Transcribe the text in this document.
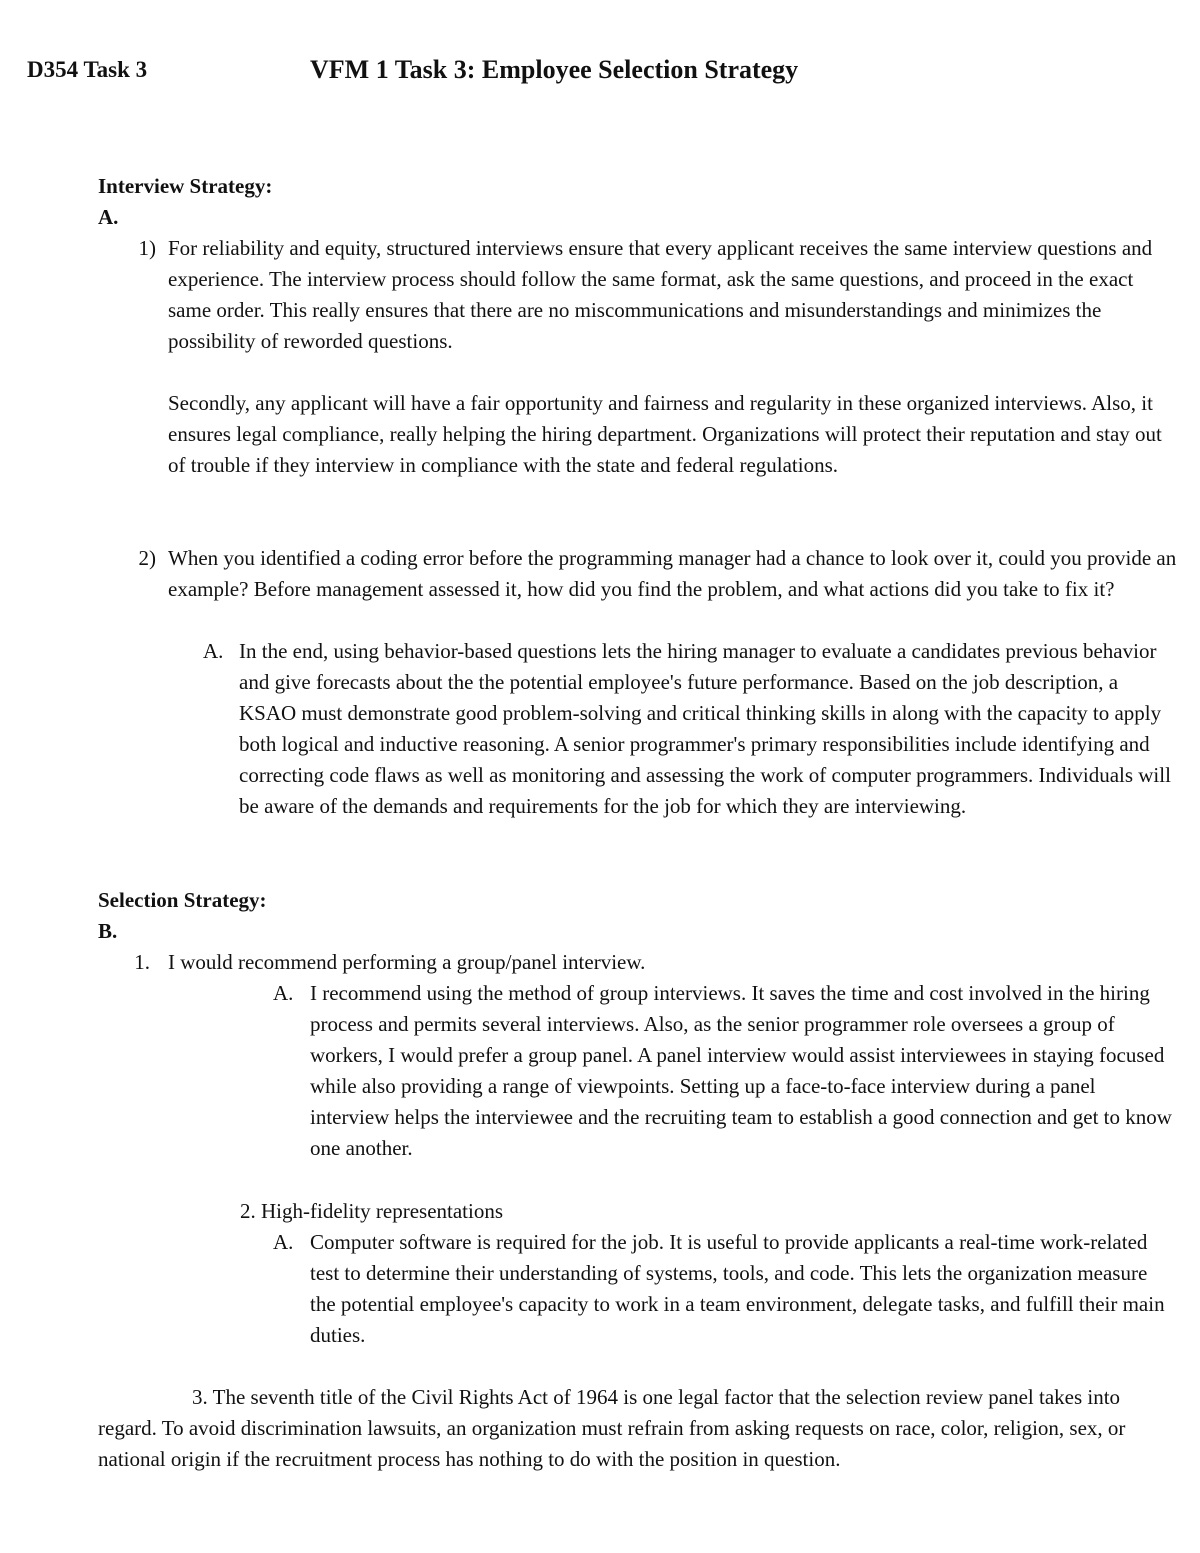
D354 Task 3	VFM 1 Task 3: Employee Selection Strategy
Interview Strategy:
A.
1) For reliability and equity, structured interviews ensure that every applicant receives the same interview questions and experience. The interview process should follow the same format, ask the same questions, and proceed in the exact same order. This really ensures that there are no miscommunications and misunderstandings and minimizes the possibility of reworded questions.

Secondly, any applicant will have a fair opportunity and fairness and regularity in these organized interviews. Also, it ensures legal compliance, really helping the hiring department. Organizations will protect their reputation and stay out of trouble if they interview in compliance with the state and federal regulations.

2) When you identified a coding error before the programming manager had a chance to look over it, could you provide an example? Before management assessed it, how did you find the problem, and what actions did you take to fix it?

A. In the end, using behavior-based questions lets the hiring manager to evaluate a candidates previous behavior and give forecasts about the the potential employee's future performance. Based on the job description, a KSAO must demonstrate good problem-solving and critical thinking skills in along with the capacity to apply both logical and inductive reasoning. A senior programmer's primary responsibilities include identifying and correcting code flaws as well as monitoring and assessing the work of computer programmers. Individuals will be aware of the demands and requirements for the job for which they are interviewing.

Selection Strategy:
B.
1. I would recommend performing a group/panel interview.

A. I recommend using the method of group interviews. It saves the time and cost involved in the hiring process and permits several interviews. Also, as the senior programmer role oversees a group of workers, I would prefer a group panel. A panel interview would assist interviewees in staying focused while also providing a range of viewpoints. Setting up a face-to-face interview during a panel interview helps the interviewee and the recruiting team to establish a good connection and get to know one another.

2. High-fidelity representations

A. Computer software is required for the job. It is useful to provide applicants a real-time work-related test to determine their understanding of systems, tools, and code. This lets the organization measure the potential employee's capacity to work in a team environment, delegate tasks, and fulfill their main duties.

3. The seventh title of the Civil Rights Act of 1964 is one legal factor that the selection review panel takes into regard. To avoid discrimination lawsuits, an organization must refrain from asking requests on race, color, religion, sex, or national origin if the recruitment process has nothing to do with the position in question.
